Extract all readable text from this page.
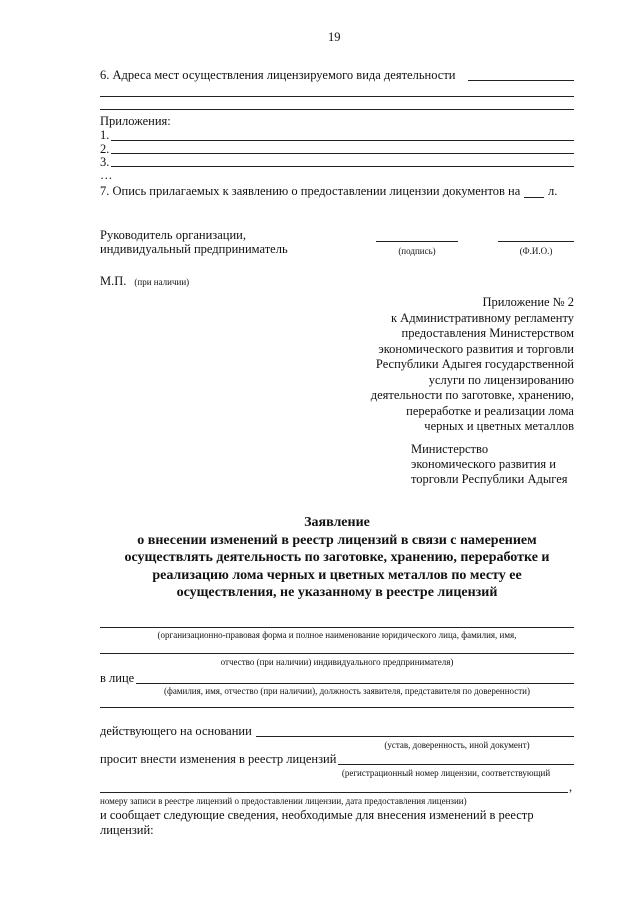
19
6. Адреса мест осуществления лицензируемого вида деятельности
Приложения:
1.
2.
3.
…
7. Опись прилагаемых к заявлению о предоставлении лицензии документов на л.
Руководитель организации,
индивидуальный предприниматель	(подпись)	(Ф.И.О.)
М.П. (при наличии)
Приложение № 2
к Административному регламенту
предоставления Министерством
экономического развития и торговли
Республики Адыгея государственной
услуги по лицензированию
деятельности по заготовке, хранению,
переработке и реализации лома
черных и цветных металлов
Министерство
экономического развития и
торговли Республики Адыгея
Заявление
о внесении изменений в реестр лицензий в связи с намерением
осуществлять деятельность по заготовке, хранению, переработке и
реализацию лома черных и цветных металлов по месту ее
осуществления, не указанному в реестре лицензий
(организационно-правовая форма и полное наименование юридического лица, фамилия, имя,
отчество (при наличии) индивидуального предпринимателя)
в лице
(фамилия, имя, отчество (при наличии), должность заявителя, представителя по доверенности)
действующего на основании
(устав, доверенность, иной документ)
просит внести изменения в реестр лицензий
(регистрационный номер лицензии, соответствующий
,
номеру записи в реестре лицензий о предоставлении лицензии, дата предоставления лицензии)
и сообщает следующие сведения, необходимые для внесения изменений в реестр
лицензий:
